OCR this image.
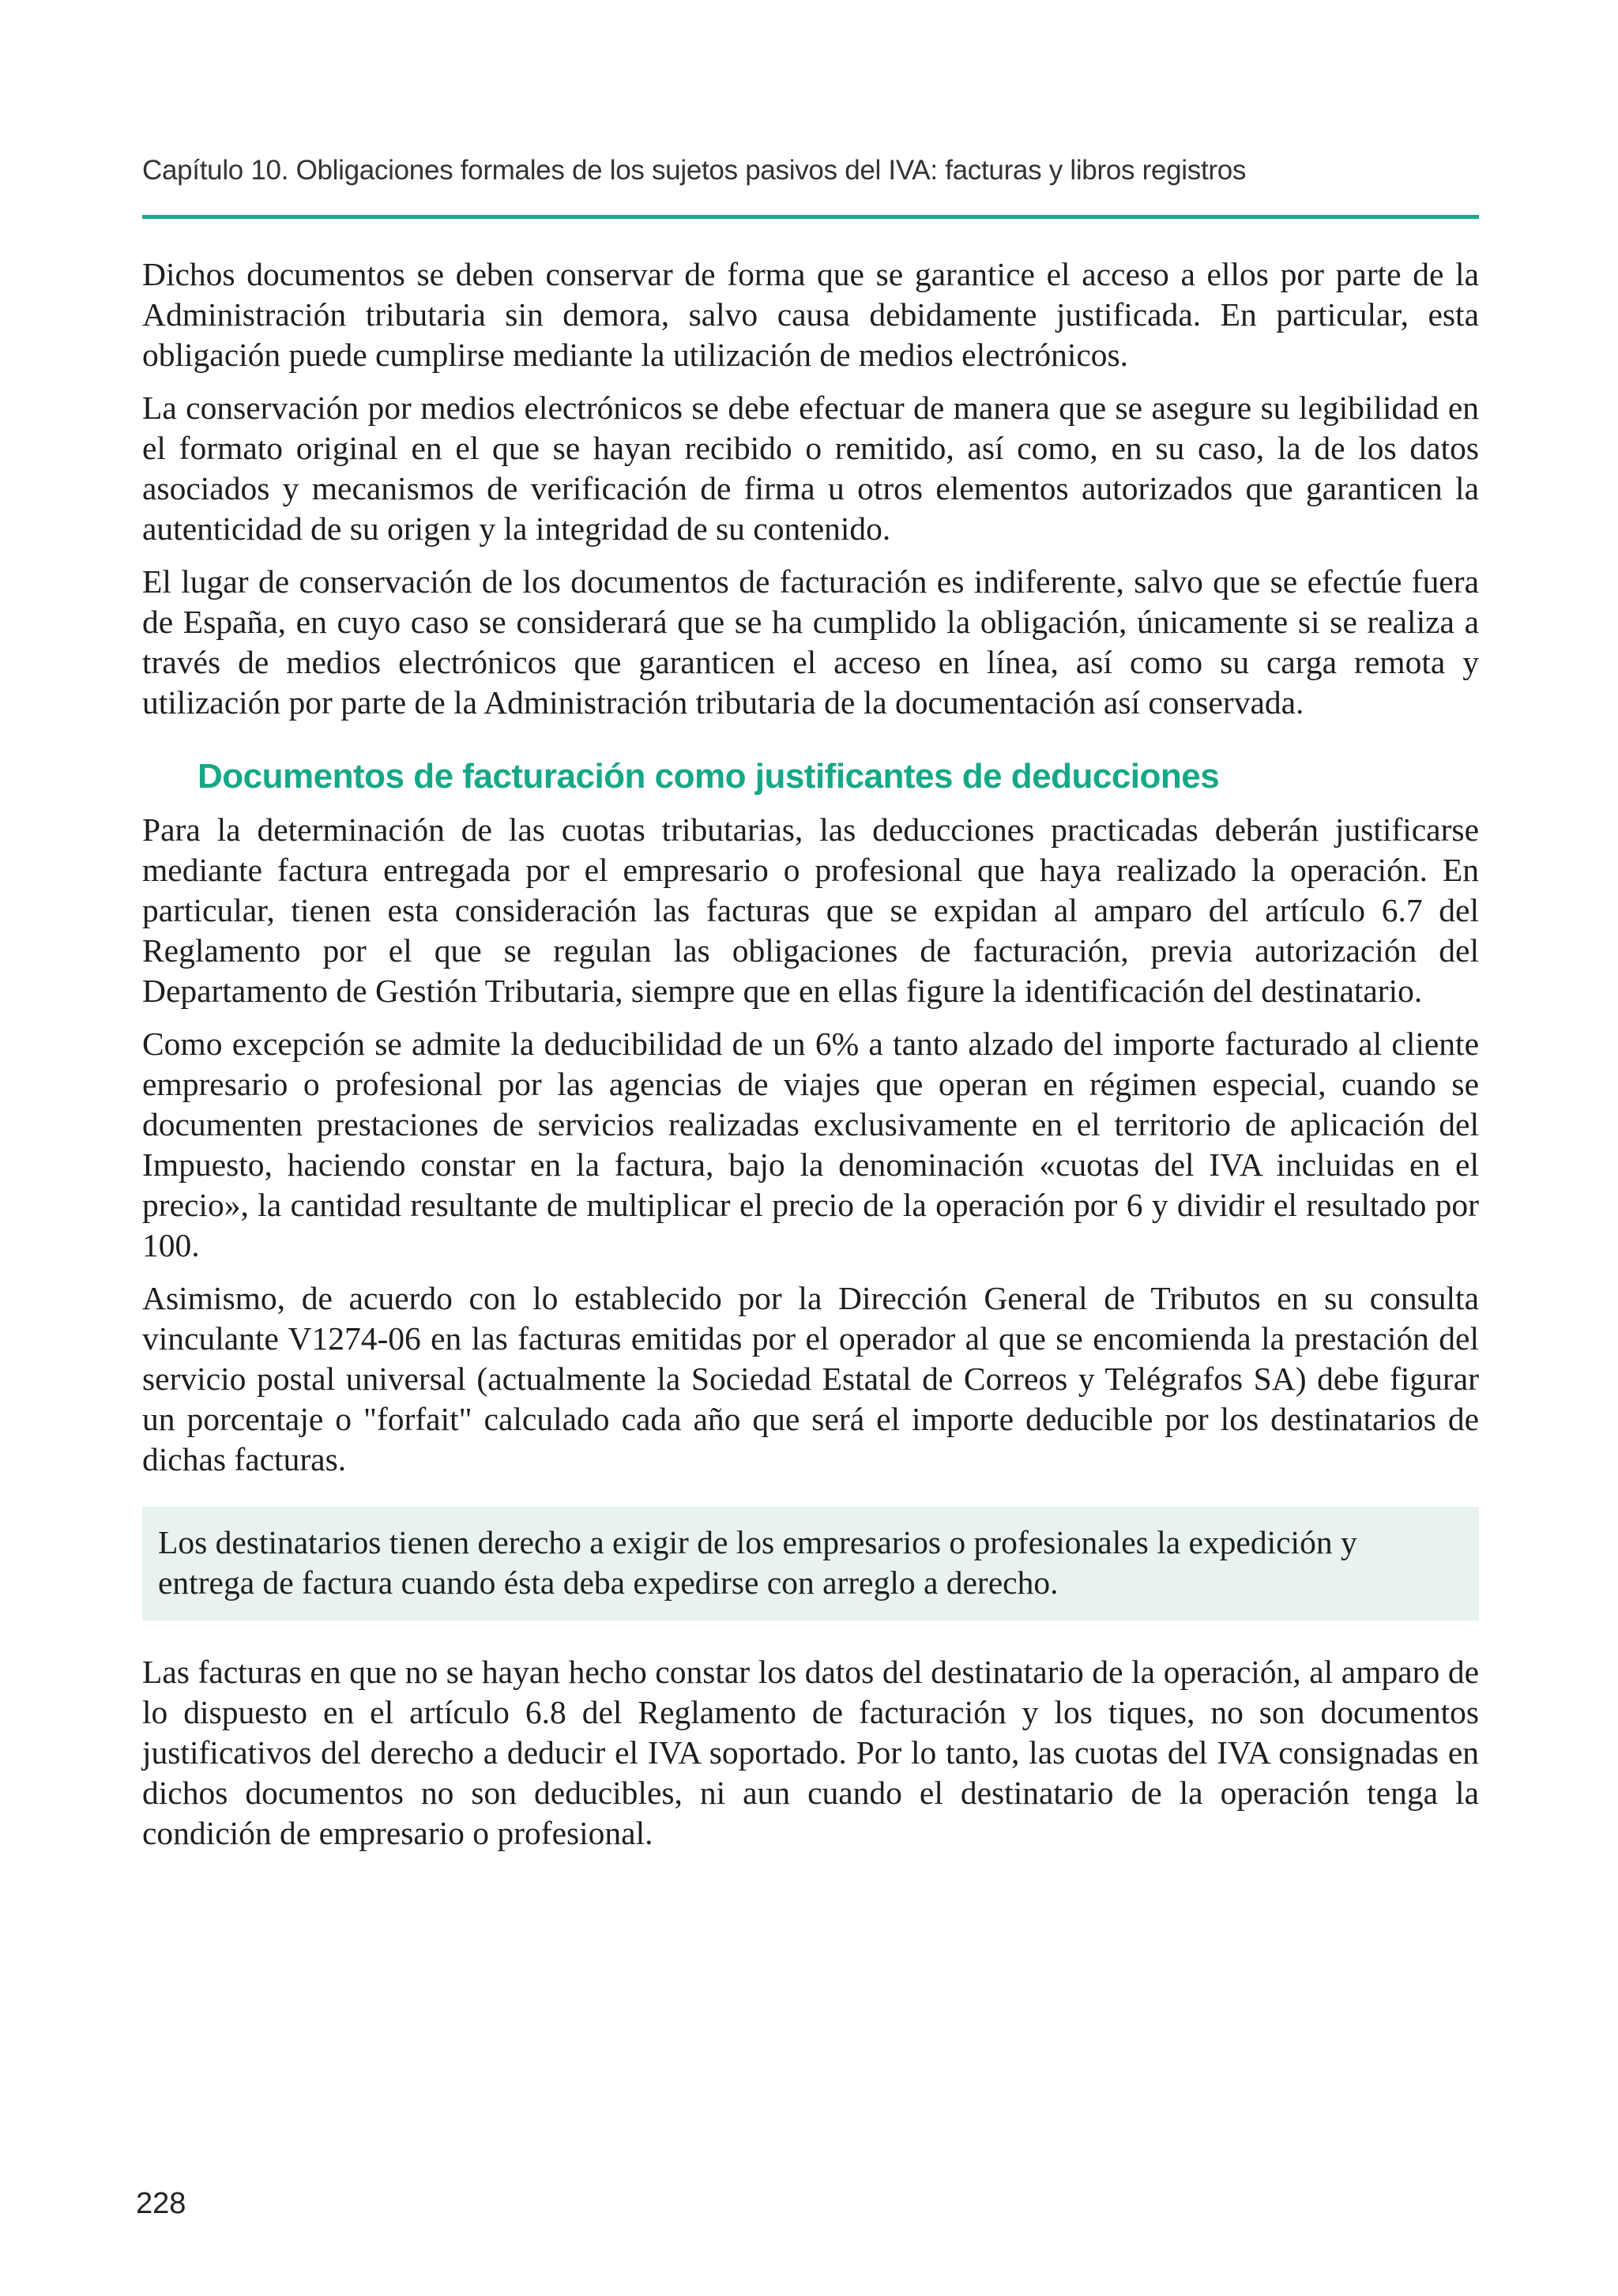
Capítulo 10. Obligaciones formales de los sujetos pasivos del IVA: facturas y libros registros

Dichos documentos se deben conservar de forma que se garantice el acceso a ellos por parte de la Administración tributaria sin demora, salvo causa debidamente justificada. En particular, esta obligación puede cumplirse mediante la utilización de medios electrónicos.

La conservación por medios electrónicos se debe efectuar de manera que se asegure su legibilidad en el formato original en el que se hayan recibido o remitido, así como, en su caso, la de los datos asociados y mecanismos de verificación de firma u otros elementos autorizados que garanticen la autenticidad de su origen y la integridad de su contenido.

El lugar de conservación de los documentos de facturación es indiferente, salvo que se efectúe fuera de España, en cuyo caso se considerará que se ha cumplido la obligación, únicamente si se realiza a través de medios electrónicos que garanticen el acceso en línea, así como su carga remota y utilización por parte de la Administración tributaria de la documentación así conservada.

Documentos de facturación como justificantes de deducciones

Para la determinación de las cuotas tributarias, las deducciones practicadas deberán justificarse mediante factura entregada por el empresario o profesional que haya realizado la operación. En particular, tienen esta consideración las facturas que se expidan al amparo del artículo 6.7 del Reglamento por el que se regulan las obligaciones de facturación, previa autorización del Departamento de Gestión Tributaria, siempre que en ellas figure la identificación del destinatario.

Como excepción se admite la deducibilidad de un 6% a tanto alzado del importe facturado al cliente empresario o profesional por las agencias de viajes que operan en régimen especial, cuando se documenten prestaciones de servicios realizadas exclusivamente en el territorio de aplicación del Impuesto, haciendo constar en la factura, bajo la denominación «cuotas del IVA incluidas en el precio», la cantidad resultante de multiplicar el precio de la operación por 6 y dividir el resultado por 100.

Asimismo, de acuerdo con lo establecido por la Dirección General de Tributos en su consulta vinculante V1274-06 en las facturas emitidas por el operador al que se encomienda la prestación del servicio postal universal (actualmente la Sociedad Estatal de Correos y Telégrafos SA) debe figurar un porcentaje o "forfait" calculado cada año que será el importe deducible por los destinatarios de dichas facturas.

Los destinatarios tienen derecho a exigir de los empresarios o profesionales la expedición y entrega de factura cuando ésta deba expedirse con arreglo a derecho.

Las facturas en que no se hayan hecho constar los datos del destinatario de la operación, al amparo de lo dispuesto en el artículo 6.8 del Reglamento de facturación y los tiques, no son documentos justificativos del derecho a deducir el IVA soportado. Por lo tanto, las cuotas del IVA consignadas en dichos documentos no son deducibles, ni aun cuando el destinatario de la operación tenga la condición de empresario o profesional.

228
